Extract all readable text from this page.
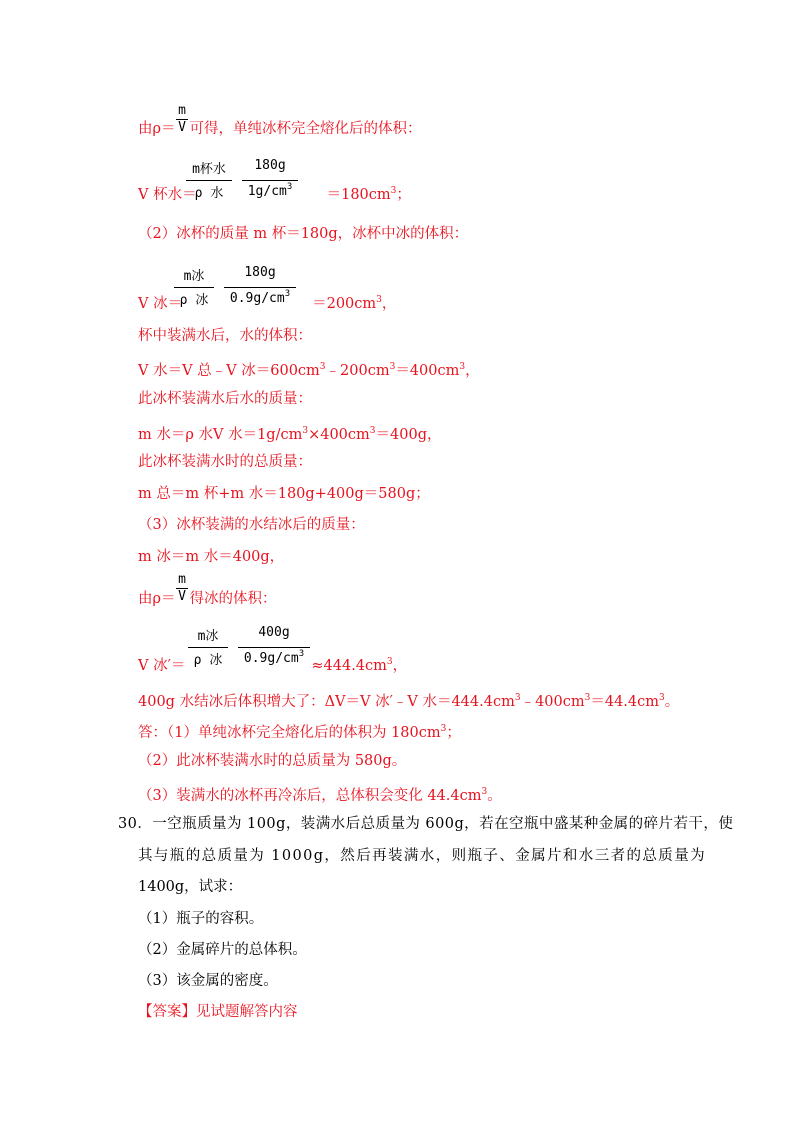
由ρ＝ 可得，单纯冰杯完全熔化后的体积：
m
V
V 杯水＝	$=180cm^3$；
m杯水
ρ 水
180g
$1g/cm^3$
（2）冰杯的质量 m 杯＝180g，冰杯中冰的体积：
V 冰＝	$=200cm^3$，
m冰
ρ 冰
180g
$0.9g/cm^3$
杯中装满水后，水的体积：
V 水＝V 总﹣V 冰$=600cm^3﹣200cm^3=400cm^3$，
此冰杯装满水后水的质量：
m 水＝ρ 水V 水$=1g/cm^3\times 400cm^3=400g$，
此冰杯装满水时的总质量：
m 总＝m 杯+m 水＝180g+400g＝580g；
（3）冰杯装满的水结冰后的质量：
m 冰＝m 水＝400g，
由ρ＝ 得冰的体积：
m
V
V 冰′＝	$\approx 444.4cm^3$，
m冰
ρ 冰
400g
$0.9g/cm^3$
400g 水结冰后体积增大了：ΔV＝V 冰′﹣V 水$=444.4cm^3﹣400cm^3=44.4cm^3$。
答：（1）单纯冰杯完全熔化后的体积为 $180cm^3$；
（2）此冰杯装满水时的总质量为 580g。
（3）装满水的冰杯再冷冻后，总体积会变化 $44.4cm^3$。
30．一空瓶质量为 100g，装满水后总质量为 600g，若在空瓶中盛某种金属的碎片若干，使
其与瓶的总质量为 1000g，然后再装满水，则瓶子、金属片和水三者的总质量为
1400g，试求：
（1）瓶子的容积。
（2）金属碎片的总体积。
（3）该金属的密度。
【答案】见试题解答内容
